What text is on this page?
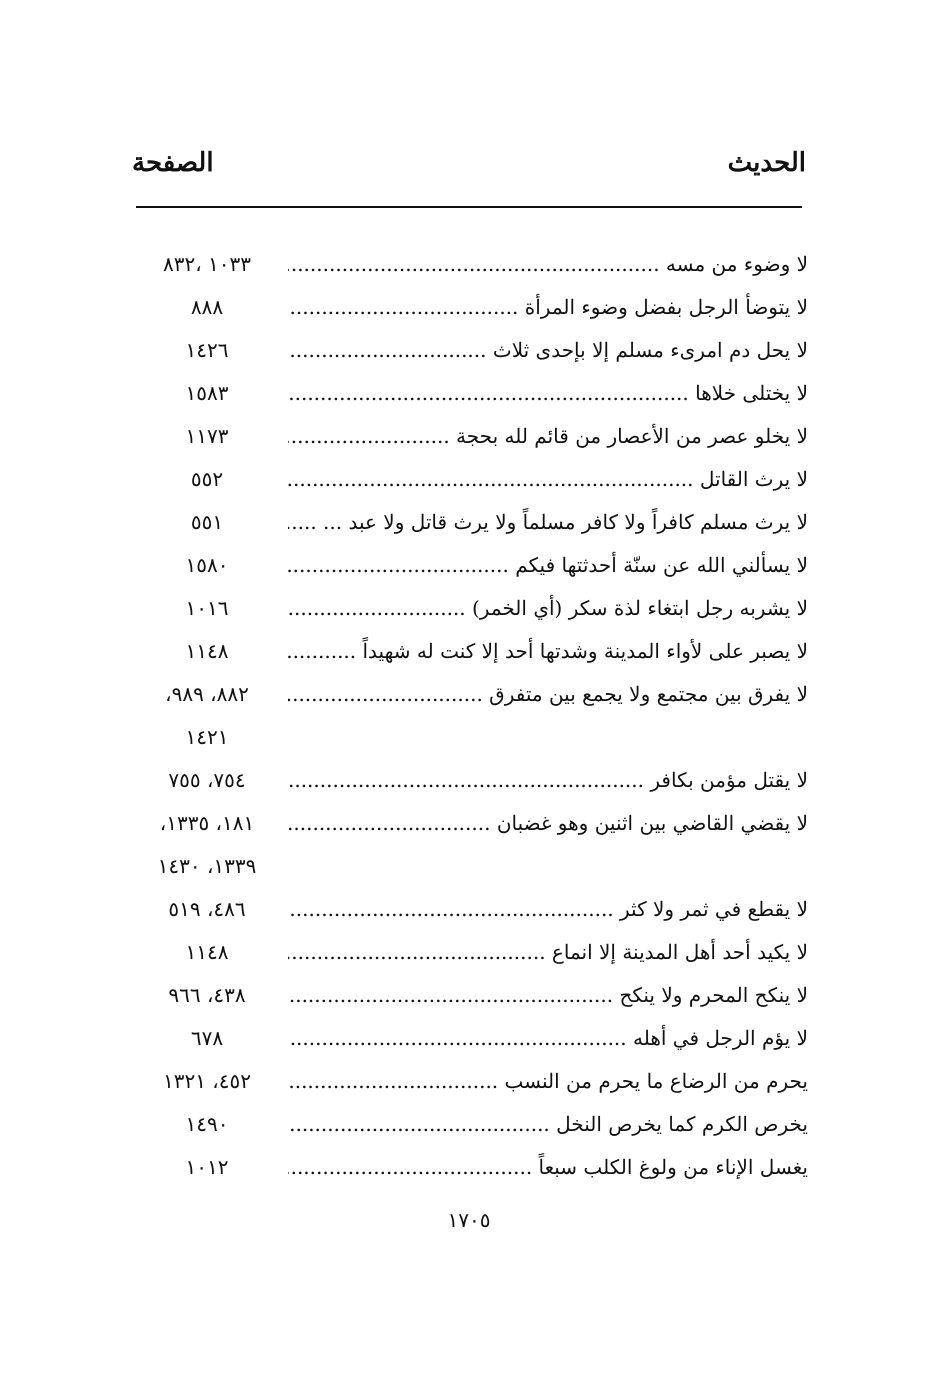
الحديث
الصفحة
لا وضوء من مسه .....
١٠٣٣ ،٨٣٢
لا يتوضأ الرجل بفضل وضوء المرأة .....
٨٨٨
لا يحل دم امرىء مسلم إلا بإحدى ثلاث .....
١٤٢٦
لا يختلى خلاها .....
١٥٨٣
لا يخلو عصر من الأعصار من قائم لله بحجة .....
١١٧٣
لا يرث القاتل .....
٥٥٢
لا يرث مسلم كافراً ولا كافر مسلماً ولا يرث قاتل ولا عبد ... .....
٥٥١
لا يسألني الله عن سنّة أحدثتها فيكم .....
١٥٨٠
لا يشربه رجل ابتغاء لذة سكر (أي الخمر) .....
١٠١٦
لا يصبر على لأواء المدينة وشدتها أحد إلا كنت له شهيداً .....
١١٤٨
لا يفرق بين مجتمع ولا يجمع بين متفرق .....
٨٨٢، ٩٨٩،
١٤٢١
لا يقتل مؤمن بكافر .....
٧٥٤، ٧٥٥
لا يقضي القاضي بين اثنين وهو غضبان .....
١٨١، ١٣٣٥،
١٣٣٩، ١٤٣٠
لا يقطع في ثمر ولا كثر .....
٤٨٦، ٥١٩
لا يكيد أحد أهل المدينة إلا انماع .....
١١٤٨
لا ينكح المحرم ولا ينكح .....
٤٣٨، ٩٦٦
لا يؤم الرجل في أهله .....
٦٧٨
يحرم من الرضاع ما يحرم من النسب .....
٤٥٢، ١٣٢١
يخرص الكرم كما يخرص النخل .....
١٤٩٠
يغسل الإناء من ولوغ الكلب سبعاً .....
١٠١٢
١٧٠٥
